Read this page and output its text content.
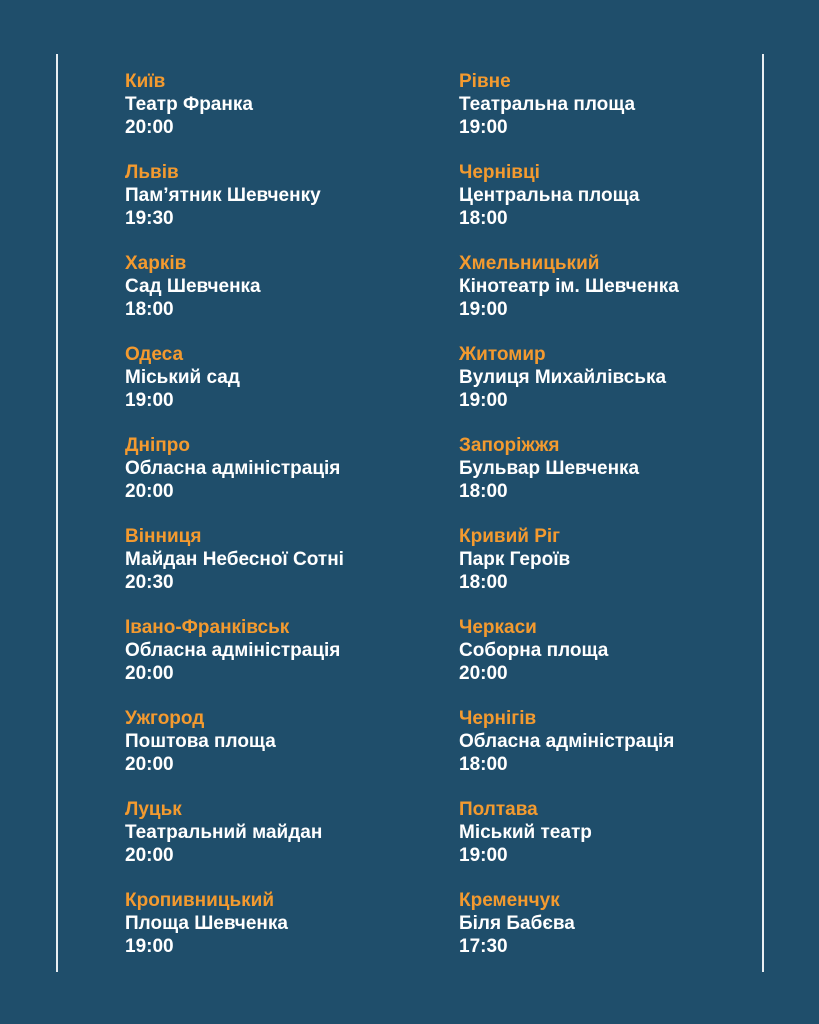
Київ
Театр Франка
20:00
Львів
Пам’ятник Шевченку
19:30
Харків
Сад Шевченка
18:00
Одеса
Міський сад
19:00
Дніпро
Обласна адміністрація
20:00
Вінниця
Майдан Небесної Сотні
20:30
Івано-Франківськ
Обласна адміністрація
20:00
Ужгород
Поштова площа
20:00
Луцьк
Театральний майдан
20:00
Кропивницький
Площа Шевченка
19:00
Рівне
Театральна площа
19:00
Чернівці
Центральна площа
18:00
Хмельницький
Кінотеатр ім. Шевченка
19:00
Житомир
Вулиця Михайлівська
19:00
Запоріжжя
Бульвар Шевченка
18:00
Кривий Ріг
Парк Героїв
18:00
Черкаси
Соборна площа
20:00
Чернігів
Обласна адміністрація
18:00
Полтава
Міський театр
19:00
Кременчук
Біля Бабєва
17:30
